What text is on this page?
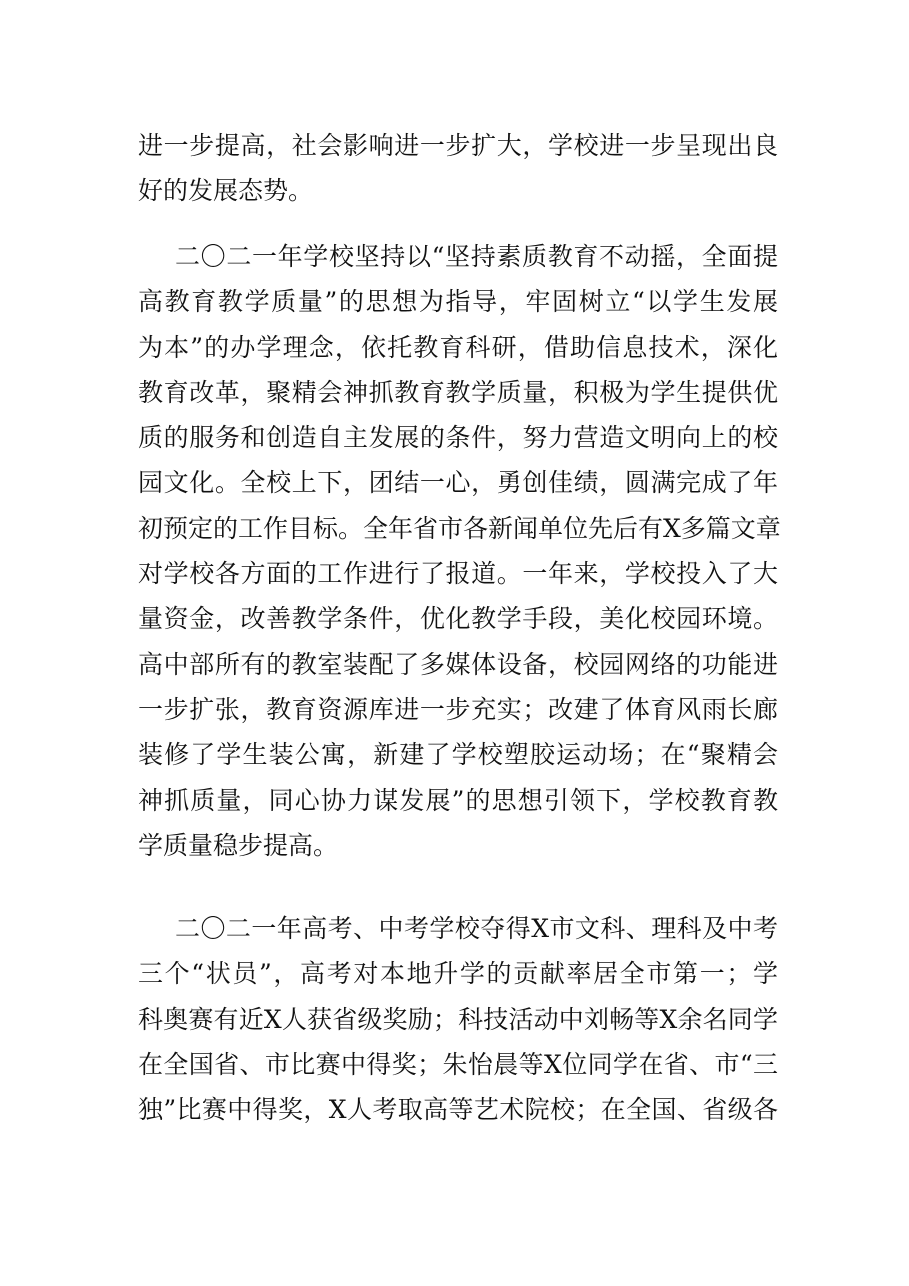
进一步提高，社会影响进一步扩大，学校进一步呈现出良
好的发展态势。
二〇二一年学校坚持以“坚持素质教育不动摇，全面提
高教育教学质量”的思想为指导，牢固树立“以学生发展
为本”的办学理念，依托教育科研，借助信息技术，深化
教育改革，聚精会神抓教育教学质量，积极为学生提供优
质的服务和创造自主发展的条件，努力营造文明向上的校
园文化。全校上下，团结一心，勇创佳绩，圆满完成了年
初预定的工作目标。全年省市各新闻单位先后有X多篇文章
对学校各方面的工作进行了报道。一年来，学校投入了大
量资金，改善教学条件，优化教学手段，美化校园环境。
高中部所有的教室装配了多媒体设备，校园网络的功能进
一步扩张，教育资源库进一步充实；改建了体育风雨长廊
装修了学生装公寓，新建了学校塑胶运动场；在“聚精会
神抓质量，同心协力谋发展”的思想引领下，学校教育教
学质量稳步提高。
二〇二一年高考、中考学校夺得X市文科、理科及中考
三个“状员”，高考对本地升学的贡献率居全市第一；学
科奥赛有近X人获省级奖励；科技活动中刘畅等X余名同学
在全国省、市比赛中得奖；朱怡晨等X位同学在省、市“三
独”比赛中得奖，X人考取高等艺术院校；在全国、省级各
